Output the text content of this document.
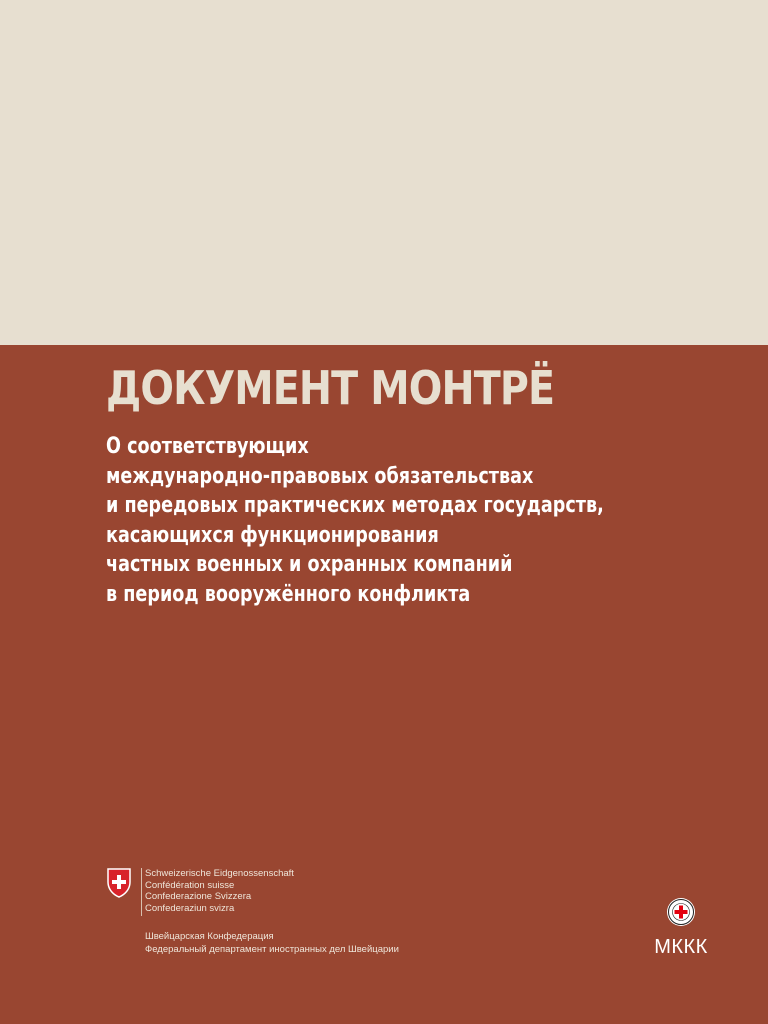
ДОКУМЕНТ МОНТРЁ
О соответствующих
международно-правовых обязательствах
и передовых практических методах государств,
касающихся функционирования
частных военных и охранных компаний
в период вооружённого конфликта
Schweizerische Eidgenossenschaft
Confédération suisse
Confederazione Svizzera
Confederaziun svizra
Швейцарская Конфедерация
Федеральный департамент иностранных дел Швейцарии	МККК
